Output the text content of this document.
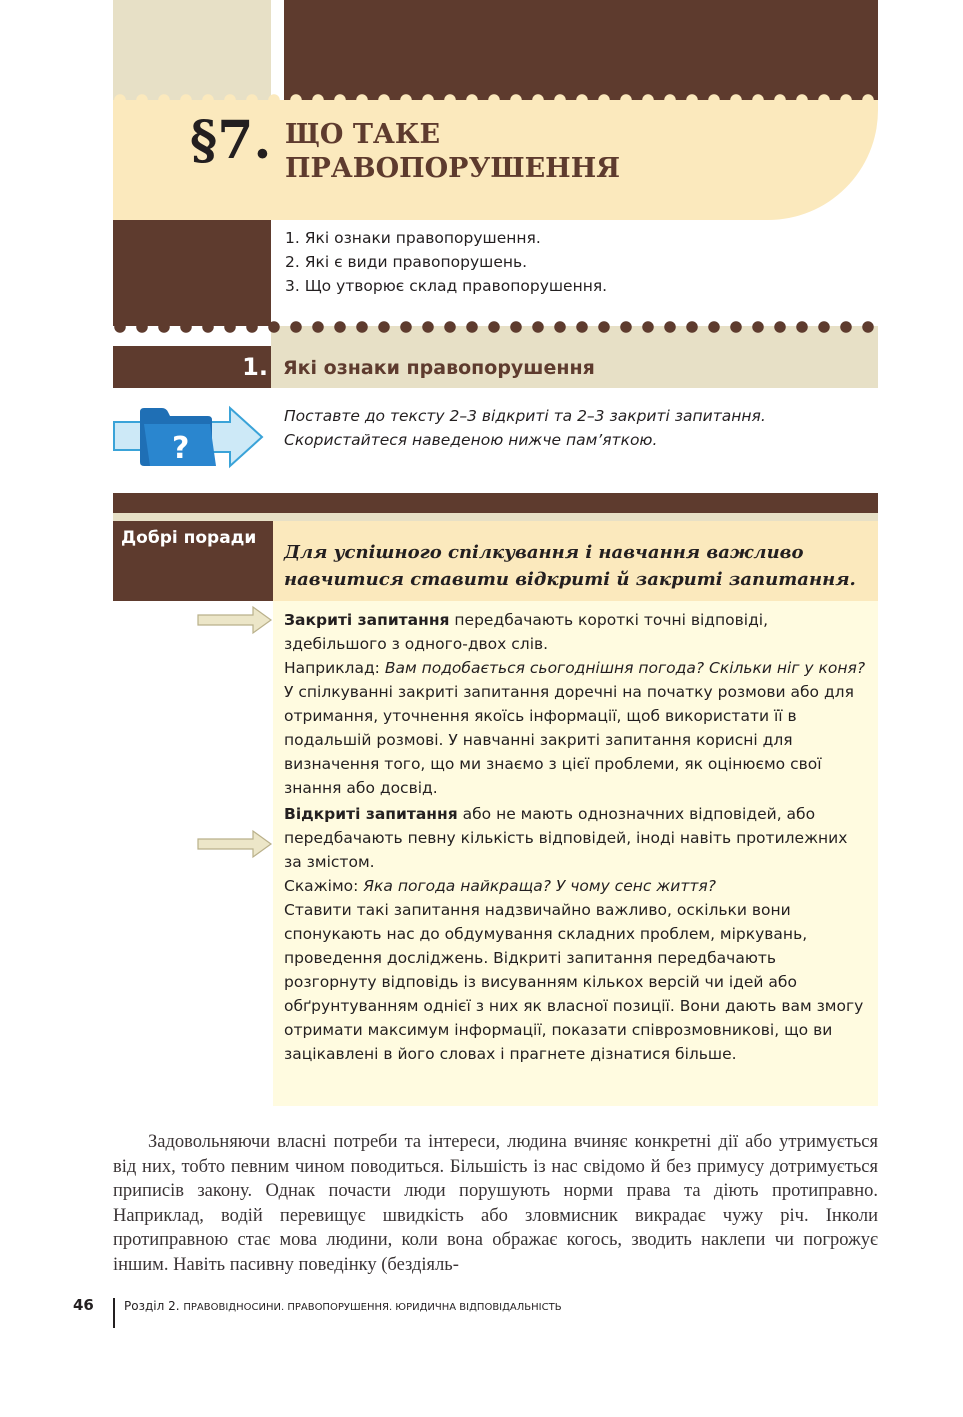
§7. ЩО ТАКЕ
ПРАВОПОРУШЕННЯ
1. Які ознаки правопорушення.
2. Які є види правопорушень.
3. Що утворює склад правопорушення.
1. Які ознаки правопорушення
?
Поставте до тексту 2–3 відкриті та 2–3 закриті запитання.
Скористайтеся наведеною нижче пам’яткою.
Добрі поради
Для успішного спілкування і навчання важливо навчитися ставити відкриті й закриті запитання.

Закриті запитання передбачають короткі точні відповіді, здебільшого з одного-двох слів.

Наприклад: Вам подобається сьогоднішня погода? Скільки ніг у коня?

У спілкуванні закриті запитання доречні на початку розмови або для отримання, уточнення якоїсь інформації, щоб використати її в подальшій розмові. У навчанні закриті запитання корисні для визначення того, що ми знаємо з цієї проблеми, як оцінюємо свої знання або досвід.

Відкриті запитання або не мають однозначних відповідей, або передбачають певну кількість відповідей, іноді навіть протилежних за змістом.

Скажімо: Яка погода найкраща? У чому сенс життя?

Ставити такі запитання надзвичайно важливо, оскільки вони спонукають нас до обдумування складних проблем, міркувань, проведення досліджень. Відкриті запитання передбачають розгорнуту відповідь із висуванням кількох версій чи ідей або обґрунтуванням однієї з них як власної позиції. Вони дають вам змогу отримати максимум інформації, показати співрозмовникові, що ви зацікавлені в його словах і прагнете дізнатися більше.

Задовольняючи власні потреби та інтереси, людина вчиняє конкретні дії або утримується від них, тобто певним чином поводиться. Більшість із нас свідомо й без примусу дотримується приписів закону. Однак почасти люди порушують норми права та діють протиправно. Наприклад, водій перевищує швидкість або зловмисник викрадає чужу річ. Інколи протиправною стає мова людини, коли вона ображає когось, зводить наклепи чи погрожує іншим. Навіть пасивну поведінку (бездіяль-
46	Розділ 2. ПРАВОВІДНОСИНИ. ПРАВОПОРУШЕННЯ. ЮРИДИЧНА ВІДПОВІДАЛЬНІСТЬ
